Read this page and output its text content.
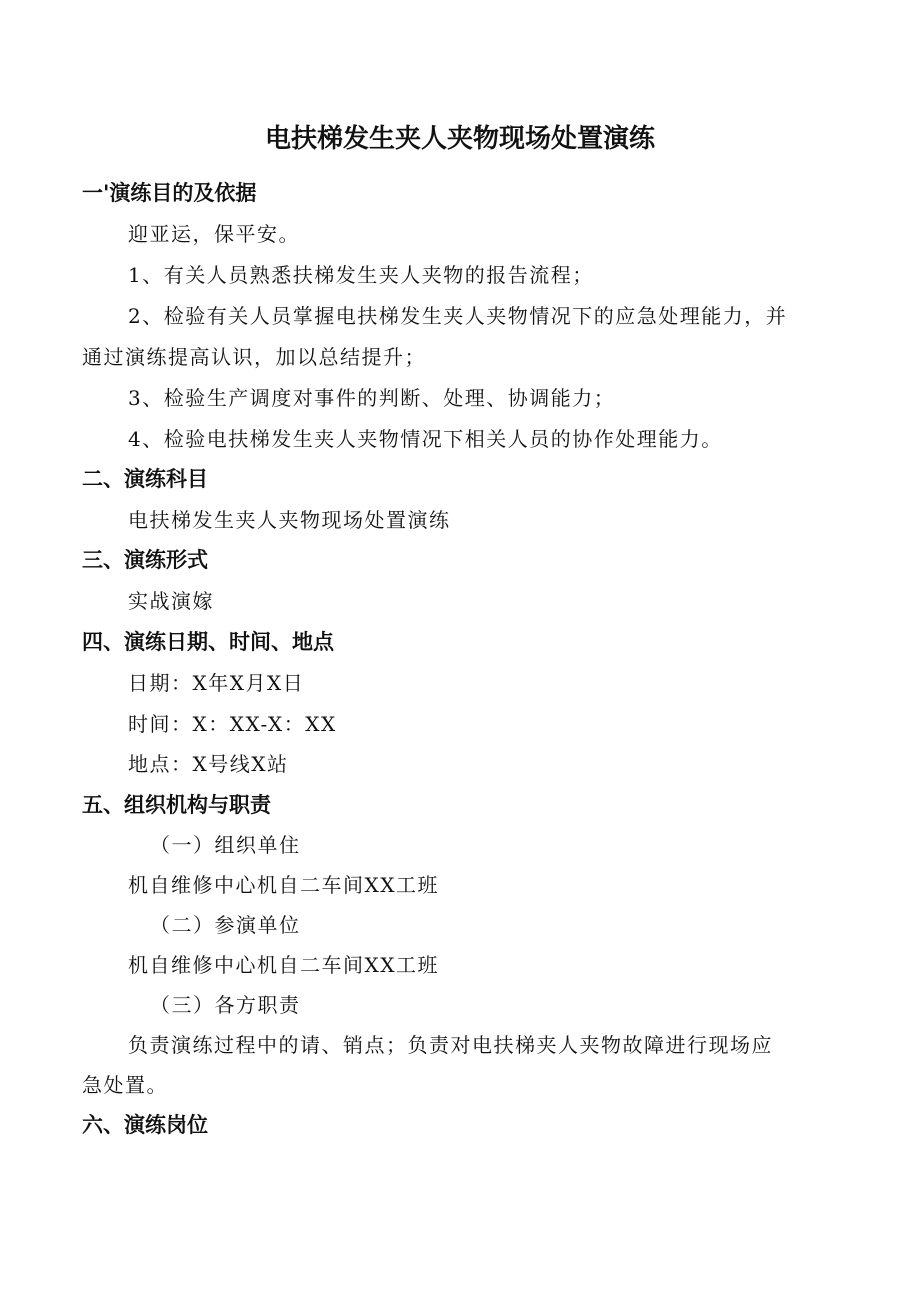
电扶梯发生夹人夹物现场处置演练
一'演练目的及依据
迎亚运，保平安。
1、有关人员熟悉扶梯发生夹人夹物的报告流程；
2、检验有关人员掌握电扶梯发生夹人夹物情况下的应急处理能力，并
通过演练提高认识，加以总结提升；
3、检验生产调度对事件的判断、处理、协调能力；
4、检验电扶梯发生夹人夹物情况下相关人员的协作处理能力。
二、演练科目
电扶梯发生夹人夹物现场处置演练
三、演练形式
实战演嫁
四、演练日期、时间、地点
日期：X年X月X日
时间：X：XX-X：XX
地点：X号线X站
五、组织机构与职责
（一）组织单住
机自维修中心机自二车间XX工班
（二）参演单位
机自维修中心机自二车间XX工班
（三）各方职责
负责演练过程中的请、销点；负责对电扶梯夹人夹物故障进行现场应
急处置。
六、演练岗位
